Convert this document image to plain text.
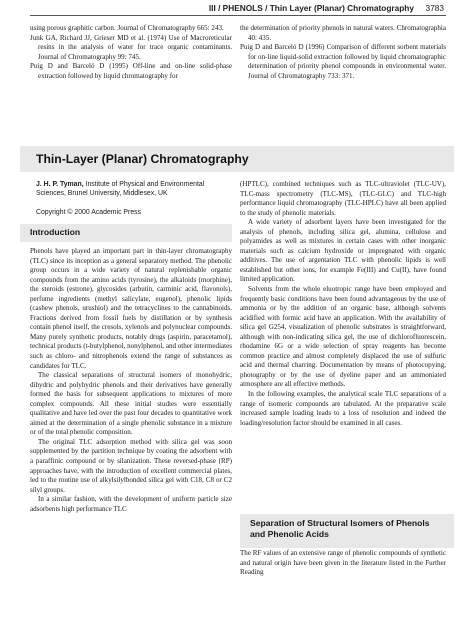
III / PHENOLS / Thin Layer (Planar) Chromatography 3783

using porous graphitic carbon. Journal of Chromatography 665: 243.

Junk GA, Richard JJ, Grieser MD et al. (1974) Use of Macroreticular resins in the analysis of water for trace organic contaminants. Journal of Chromatography 99: 745.

Puig D and Barceló D (1995) Off-line and on-line solid-phase extraction followed by liquid chromatography for

the determination of priority phenols in natural waters. Chromatographia 40: 435.

Puig D and Barceló D (1996) Comparison of different sorbent materials for on-line liquid-solid extraction followed by liquid chromatographic determination of priority phenol compounds in environmental water. Journal of Chromatography 733: 371.

Thin-Layer (Planar) Chromatography
J. H. P. Tyman, Institute of Physical and Environmental Sciences, Brunel University, Middlesex, UK
Copyright © 2000 Academic Press
Introduction

Phenols have played an important part in thin-layer chromatography (TLC) since its inception as a general separatory method. The phenolic group occurs in a wide variety of natural replenishable organic compounds from the amino acids (tyrosine), the alkaloids (morphine), the steroids (estrone), glycosides (arbutin, carminic acid, flavonols), perfume ingredients (methyl salicylate, eugenol), phenolic lipids (cashew phenols, urushiol) and the tetracyclines to the cannabinoids. Fractions derived from fossil fuels by distillation or by synthesis contain phenol itself, the cresols, xylenols and polynuclear compounds. Many purely synthetic products, notably drugs (aspirin, paracetamol), technical products (t-butylphenol, nonylphenol, and other intermediates such as chloro- and nitrophenols extend the range of substances as candidates for TLC.

The classical separations of structural isomers of monohydric, dihydric and polyhydric phenols and their derivatives have generally formed the basis for subsequent applications to mixtures of more complex compounds. All these initial studies were essentially qualitative and have led over the past four decades to quantitative work aimed at the determination of a single phenolic substance in a mixture or of the total phenolic composition.

The original TLC adsorption method with silica gel was soon supplemented by the partition technique by coating the adsorbent with a paraffinic compound or by silanization. These reversed-phase (RP) approaches have, with the introduction of excellent commercial plates, led to the routine use of alkylsilylbonded silica gel with C18, C8 or C2 silyl groups.

In a similar fashion, with the development of uniform particle size adsorbents high performance TLC

(HPTLC), combined techniques such as TLC-ultraviolet (TLC-UV), TLC-mass spectrometry (TLC-MS), (TLC-GLC) and TLC-high performance liquid chromatography (TLC-HPLC) have all been applied to the study of phenolic materials.

A wide variety of adsorbent layers have been investigated for the analysis of phenols, including silica gel, alumina, cellulose and polyamides as well as mixtures in certain cases with other inorganic materials such as calcium hydroxide or impregnated with organic additives. The use of argentation TLC with phenolic lipids is well established but other ions, for example Fe(III) and Cu(II), have found limited application.

Solvents from the whole eluotropic range have been employed and frequently basic conditions have been found advantageous by the use of ammonia or by the addition of an organic base, although solvents acidified with formic acid have an application. With the availability of silica gel G254, visualization of phenolic substrates is straightforward, although with non-indicating silica gel, the use of dichlorofluorescein, rhodamine 6G or a wide selection of spray reagents has become common practice and almost completely displaced the use of sulfuric acid and thermal charring. Documentation by means of photocopying, photography or by the use of dyeline paper and an ammoniated atmosphere are all effective methods.

In the following examples, the analytical scale TLC separations of a range of isomeric compounds are tabulated. At the preparative scale increased sample loading leads to a loss of resolution and indeed the loading/resolution factor should be examined in all cases.

Separation of Structural Isomers of Phenols and Phenolic Acids

The RF values of an extensive range of phenolic compounds of synthetic and natural origin have been given in the literature listed in the Further Reading
